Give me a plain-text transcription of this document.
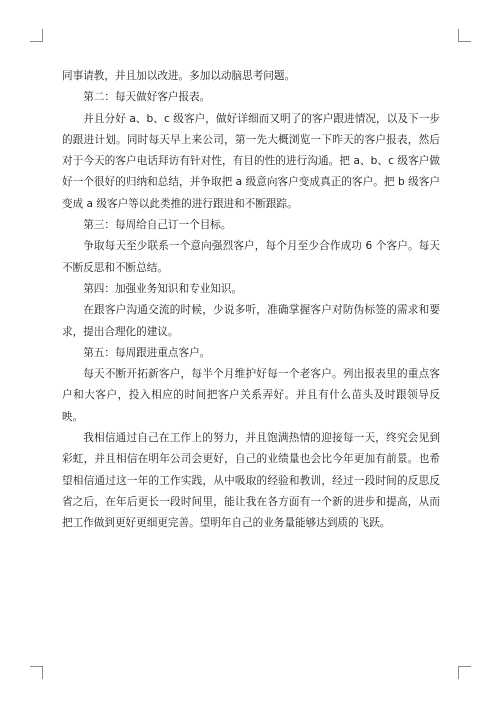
同事请教，并且加以改进。多加以动脑思考问题。

第二：每天做好客户报表。

并且分好 a、b、c 级客户，做好详细而又明了的客户跟进情况，以及下一步的跟进计划。同时每天早上来公司，第一先大概浏览一下昨天的客户报表，然后对于今天的客户电话拜访有针对性，有目的性的进行沟通。把 a、b、c 级客户做好一个很好的归纳和总结，并争取把 a 级意向客户变成真正的客户。把 b 级客户变成 a 级客户等以此类推的进行跟进和不断跟踪。

第三：每周给自己订一个目标。

争取每天至少联系一个意向强烈客户，每个月至少合作成功 6 个客户。每天不断反思和不断总结。

第四：加强业务知识和专业知识。

在跟客户沟通交流的时候，少说多听，准确掌握客户对防伪标签的需求和要求，提出合理化的建议。

第五：每周跟进重点客户。

每天不断开拓新客户，每半个月维护好每一个老客户。列出报表里的重点客户和大客户，投入相应的时间把客户关系弄好。并且有什么苗头及时跟领导反映。

我相信通过自己在工作上的努力，并且饱满热情的迎接每一天，终究会见到彩虹，并且相信在明年公司会更好，自己的业绩量也会比今年更加有前景。也希望相信通过这一年的工作实践，从中吸取的经验和教训，经过一段时间的反思反省之后，在年后更长一段时间里，能让我在各方面有一个新的进步和提高，从而把工作做到更好更细更完善。望明年自己的业务量能够达到质的飞跃。
